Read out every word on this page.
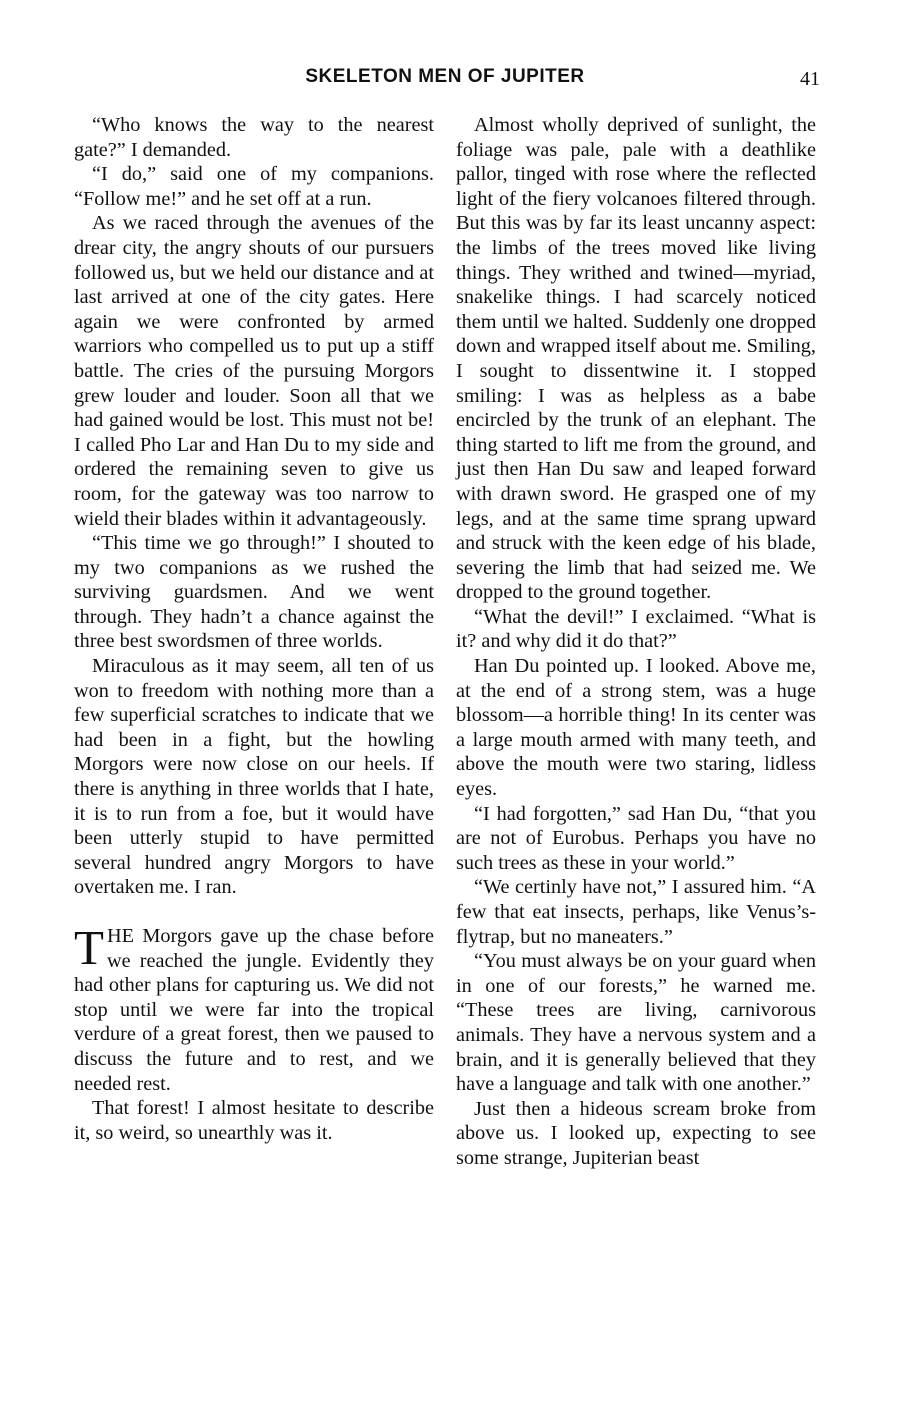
SKELETON MEN OF JUPITER	41

“Who knows the way to the nearest gate?” I demanded.

“I do,” said one of my companions. “Follow me!” and he set off at a run.

As we raced through the avenues of the drear city, the angry shouts of our pursuers followed us, but we held our distance and at last arrived at one of the city gates. Here again we were confronted by armed warriors who compelled us to put up a stiff battle. The cries of the pursuing Morgors grew louder and louder. Soon all that we had gained would be lost. This must not be! I called Pho Lar and Han Du to my side and ordered the remaining seven to give us room, for the gateway was too narrow to wield their blades within it advantageously.

“This time we go through!” I shouted to my two companions as we rushed the surviving guardsmen. And we went through. They hadn’t a chance against the three best swordsmen of three worlds.

Miraculous as it may seem, all ten of us won to freedom with nothing more than a few superficial scratches to indicate that we had been in a fight, but the howling Morgors were now close on our heels. If there is anything in three worlds that I hate, it is to run from a foe, but it would have been utterly stupid to have permitted several hundred angry Morgors to have overtaken me. I ran.

THE Morgors gave up the chase before we reached the jungle. Evidently they had other plans for capturing us. We did not stop until we were far into the tropical verdure of a great forest, then we paused to discuss the future and to rest, and we needed rest.

That forest! I almost hesitate to describe it, so weird, so unearthly was it.

Almost wholly deprived of sunlight, the foliage was pale, pale with a deathlike pallor, tinged with rose where the reflected light of the fiery volcanoes filtered through. But this was by far its least uncanny aspect: the limbs of the trees moved like living things. They writhed and twined—myriad, snakelike things. I had scarcely noticed them until we halted. Suddenly one dropped down and wrapped itself about me. Smiling, I sought to dissentwine it. I stopped smiling: I was as helpless as a babe encircled by the trunk of an elephant. The thing started to lift me from the ground, and just then Han Du saw and leaped forward with drawn sword. He grasped one of my legs, and at the same time sprang upward and struck with the keen edge of his blade, severing the limb that had seized me. We dropped to the ground together.

“What the devil!” I exclaimed. “What is it? and why did it do that?”

Han Du pointed up. I looked. Above me, at the end of a strong stem, was a huge blossom—a horrible thing! In its center was a large mouth armed with many teeth, and above the mouth were two staring, lidless eyes.

“I had forgotten,” sad Han Du, “that you are not of Eurobus. Perhaps you have no such trees as these in your world.”

“We certinly have not,” I assured him. “A few that eat insects, perhaps, like Venus’s-flytrap, but no maneaters.”

“You must always be on your guard when in one of our forests,” he warned me. “These trees are living, carnivorous animals. They have a nervous system and a brain, and it is generally believed that they have a language and talk with one another.”

Just then a hideous scream broke from above us. I looked up, expecting to see some strange, Jupiterian beast
